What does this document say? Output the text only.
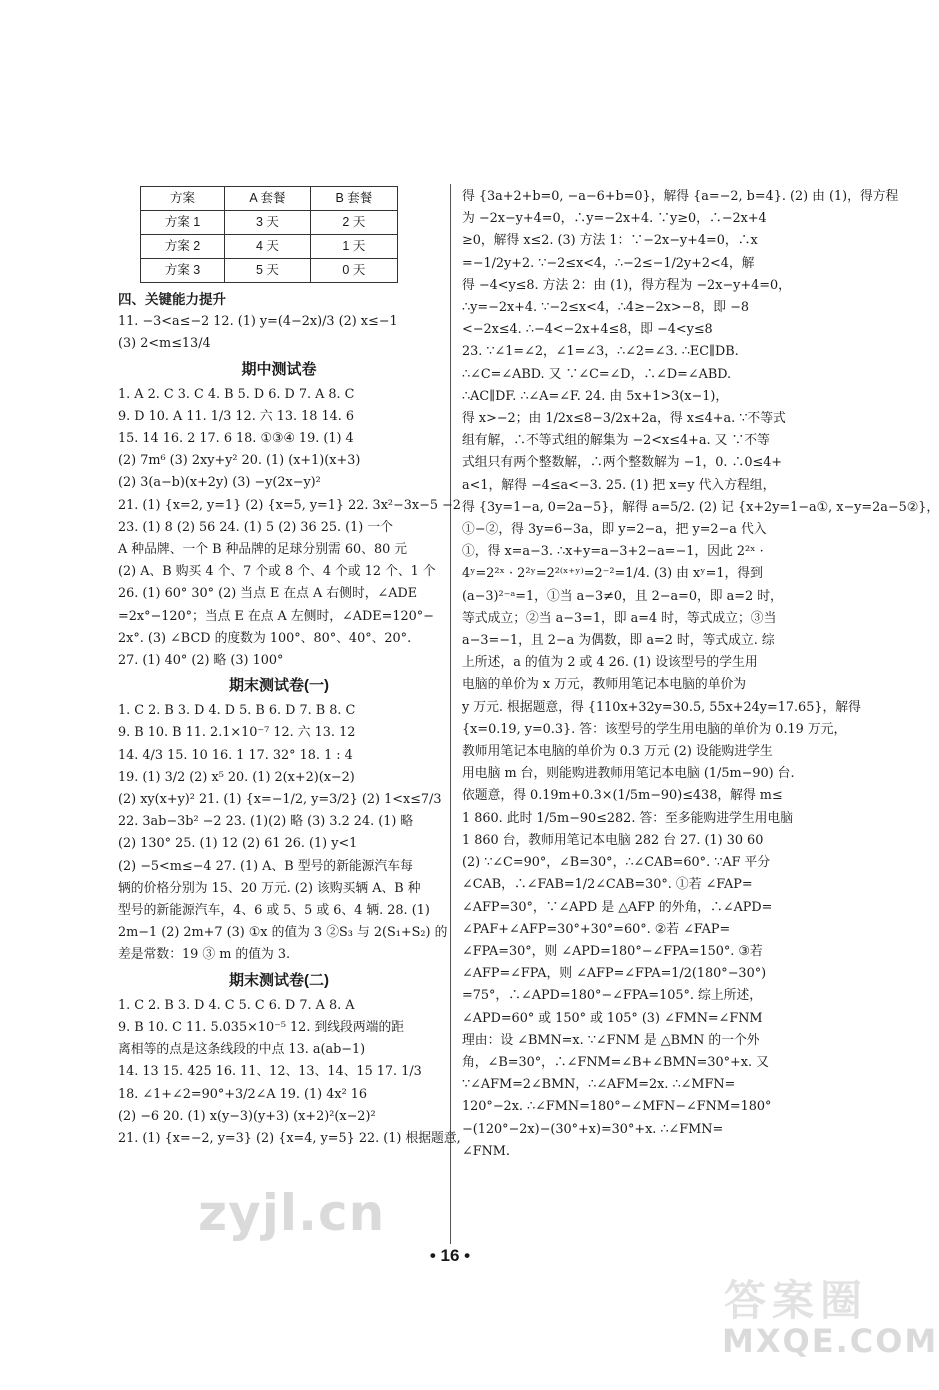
方案	A 套餐	B 套餐
方案 1	3 天	2 天
方案 2	4 天	1 天
方案 3	5 天	0 天
四、关键能力提升
11. −3<a≤−2 12. (1) y=(4−2x)/3 (2) x≤−1
(3) 2<m≤13/4
期中测试卷
1. A 2. C 3. C 4. B 5. D 6. D 7. A 8. C
9. D 10. A 11. 1/3 12. 六 13. 18 14. 6
15. 14 16. 2 17. 6 18. ①③④ 19. (1) 4
(2) 7m⁶ (3) 2xy+y² 20. (1) (x+1)(x+3)
(2) 3(a−b)(x+2y) (3) −y(2x−y)²
21. (1) {x=2, y=1} (2) {x=5, y=1} 22. 3x²−3x−5 −2
23. (1) 8 (2) 56 24. (1) 5 (2) 36 25. (1) 一个
A 种品牌、一个 B 种品牌的足球分别需 60、80 元
(2) A、B 购买 4 个、7 个或 8 个、4 个或 12 个、1 个
26. (1) 60° 30° (2) 当点 E 在点 A 右侧时，∠ADE
=2x°−120°；当点 E 在点 A 左侧时，∠ADE=120°−
2x°. (3) ∠BCD 的度数为 100°、80°、40°、20°.
27. (1) 40° (2) 略 (3) 100°
期末测试卷(一)
1. C 2. B 3. D 4. D 5. B 6. D 7. B 8. C
9. B 10. B 11. 2.1×10⁻⁷ 12. 六 13. 12
14. 4/3 15. 10 16. 1 17. 32° 18. 1 : 4
19. (1) 3/2 (2) x⁵ 20. (1) 2(x+2)(x−2)
(2) xy(x+y)² 21. (1) {x=−1/2, y=3/2} (2) 1<x≤7/3
22. 3ab−3b² −2 23. (1)(2) 略 (3) 3.2 24. (1) 略
(2) 130° 25. (1) 12 (2) 61 26. (1) y<1
(2) −5<m≤−4 27. (1) A、B 型号的新能源汽车每
辆的价格分别为 15、20 万元. (2) 该购买辆 A、B 种
型号的新能源汽车，4、6 或 5、5 或 6、4 辆. 28. (1)
2m−1 (2) 2m+7 (3) ①x 的值为 3 ②S₃ 与 2(S₁+S₂) 的
差是常数：19 ③ m 的值为 3.
期末测试卷(二)
1. C 2. B 3. D 4. C 5. C 6. D 7. A 8. A
9. B 10. C 11. 5.035×10⁻⁵ 12. 到线段两端的距
离相等的点是这条线段的中点 13. a(ab−1)
14. 13 15. 425 16. 11、12、13、14、15 17. 1/3
18. ∠1+∠2=90°+3/2∠A 19. (1) 4x² 16
(2) −6 20. (1) x(y−3)(y+3) (x+2)²(x−2)²
21. (1) {x=−2, y=3} (2) {x=4, y=5} 22. (1) 根据题意,
得 {3a+2+b=0, −a−6+b=0}，解得 {a=−2, b=4}. (2) 由 (1)，得方程
为 −2x−y+4=0，∴y=−2x+4. ∵y≥0，∴−2x+4
≥0，解得 x≤2. (3) 方法 1：∵−2x−y+4=0，∴x
=−1/2y+2. ∵−2≤x<4，∴−2≤−1/2y+2<4，解
得 −4<y≤8. 方法 2：由 (1)，得方程为 −2x−y+4=0，
∴y=−2x+4. ∵−2≤x<4，∴4≥−2x>−8，即 −8
<−2x≤4. ∴−4<−2x+4≤8，即 −4<y≤8
23. ∵∠1=∠2，∠1=∠3，∴∠2=∠3. ∴EC∥DB.
∴∠C=∠ABD. 又 ∵∠C=∠D，∴∠D=∠ABD.
∴AC∥DF. ∴∠A=∠F. 24. 由 5x+1>3(x−1)，
得 x>−2；由 1/2x≤8−3/2x+2a，得 x≤4+a. ∵不等式
组有解，∴不等式组的解集为 −2<x≤4+a. 又 ∵不等
式组只有两个整数解，∴两个整数解为 −1，0. ∴0≤4+
a<1，解得 −4≤a<−3. 25. (1) 把 x=y 代入方程组，
得 {3y=1−a, 0=2a−5}，解得 a=5/2. (2) 记 {x+2y=1−a①, x−y=2a−5②}，
①−②，得 3y=6−3a，即 y=2−a，把 y=2−a 代入
①，得 x=a−3. ∴x+y=a−3+2−a=−1，因此 2²ˣ ·
4ʸ=2²ˣ · 2²ʸ=2²⁽ˣ⁺ʸ⁾=2⁻²=1/4. (3) 由 xʸ=1，得到
(a−3)²⁻ᵃ=1，①当 a−3≠0，且 2−a=0，即 a=2 时，
等式成立；②当 a−3=1，即 a=4 时，等式成立；③当
a−3=−1，且 2−a 为偶数，即 a=2 时，等式成立. 综
上所述，a 的值为 2 或 4 26. (1) 设该型号的学生用
电脑的单价为 x 万元，教师用笔记本电脑的单价为
y 万元. 根据题意，得 {110x+32y=30.5, 55x+24y=17.65}，解得
{x=0.19, y=0.3}. 答：该型号的学生用电脑的单价为 0.19 万元，
教师用笔记本电脑的单价为 0.3 万元 (2) 设能购进学生
用电脑 m 台，则能购进教师用笔记本电脑 (1/5m−90) 台.
依题意，得 0.19m+0.3×(1/5m−90)≤438，解得 m≤
1 860. 此时 1/5m−90≤282. 答：至多能购进学生用电脑
1 860 台，教师用笔记本电脑 282 台 27. (1) 30 60
(2) ∵∠C=90°，∠B=30°，∴∠CAB=60°. ∵AF 平分
∠CAB，∴∠FAB=1/2∠CAB=30°. ①若 ∠FAP=
∠AFP=30°，∵∠APD 是 △AFP 的外角，∴∠APD=
∠PAF+∠AFP=30°+30°=60°. ②若 ∠FAP=
∠FPA=30°，则 ∠APD=180°−∠FPA=150°. ③若
∠AFP=∠FPA，则 ∠AFP=∠FPA=1/2(180°−30°)
=75°，∴∠APD=180°−∠FPA=105°. 综上所述，
∠APD=60° 或 150° 或 105° (3) ∠FMN=∠FNM
理由：设 ∠BMN=x. ∵∠FNM 是 △BMN 的一个外
角，∠B=30°，∴∠FNM=∠B+∠BMN=30°+x. 又
∵∠AFM=2∠BMN，∴∠AFM=2x. ∴∠MFN=
120°−2x. ∴∠FMN=180°−∠MFN−∠FNM=180°
−(120°−2x)−(30°+x)=30°+x. ∴∠FMN=
∠FNM.
• 16 •
zyjl.cn
答案圈
MXQE.COM
